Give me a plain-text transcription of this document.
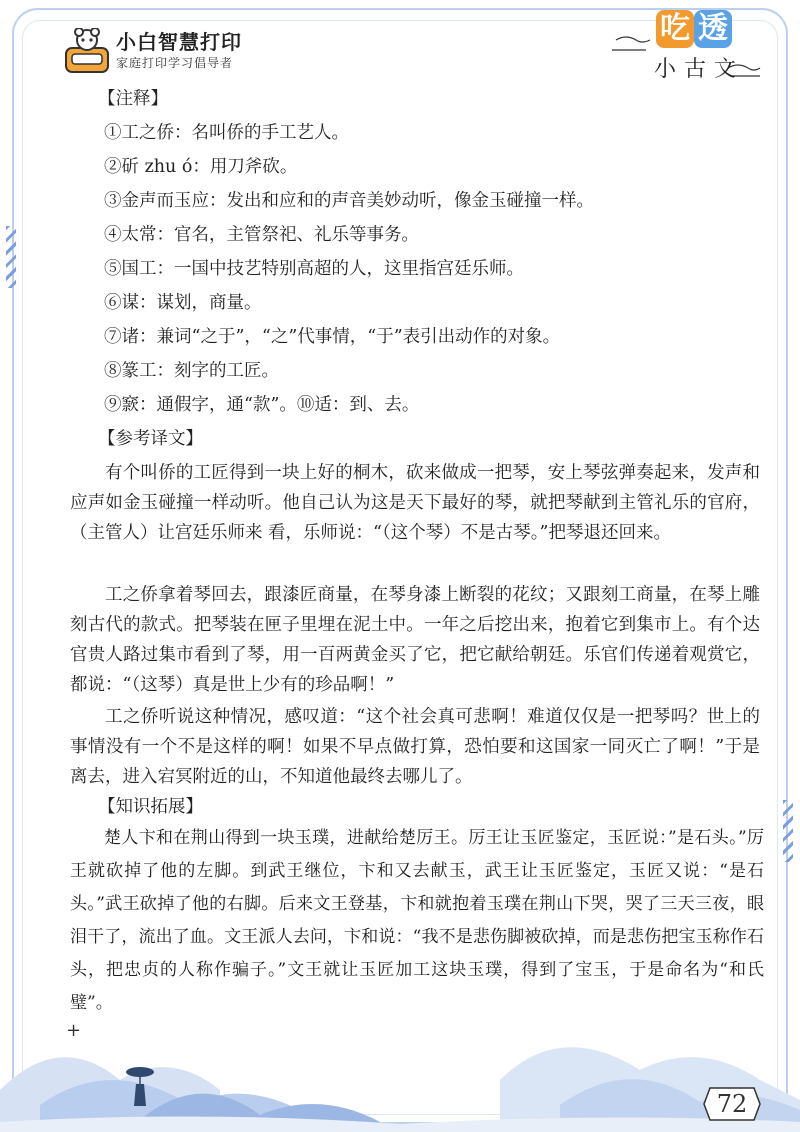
小白智慧打印
家庭打印学习倡导者
吃 透
小 古 文
【注释】
①工之侨：名叫侨的手工艺人。
②斫 zhu ó：用刀斧砍。
③金声而玉应：发出和应和的声音美妙动听，像金玉碰撞一样。
④太常：官名，主管祭祀、礼乐等事务。
⑤国工：一国中技艺特别高超的人，这里指宫廷乐师。
⑥谋：谋划，商量。
⑦诸：兼词“之于”，“之”代事情，“于”表引出动作的对象。
⑧篆工：刻字的工匠。
⑨窾：通假字，通“款”。⑩适：到、去。
【参考译文】
有个叫侨的工匠得到一块上好的桐木，砍来做成一把琴，安上琴弦弹奏起来，发声和应声如金玉碰撞一样动听。他自己认为这是天下最好的琴，就把琴献到主管礼乐的官府，（主管人）让宫廷乐师来 看，乐师说：“（这个琴）不是古琴。”把琴退还回来。
工之侨拿着琴回去，跟漆匠商量，在琴身漆上断裂的花纹；又跟刻工商量，在琴上雕刻古代的款式。把琴装在匣子里埋在泥土中。一年之后挖出来，抱着它到集市上。有个达官贵人路过集市看到了琴，用一百两黄金买了它，把它献给朝廷。乐官们传递着观赏它，都说：“（这琴）真是世上少有的珍品啊！”
工之侨听说这种情况，感叹道：“这个社会真可悲啊！难道仅仅是一把琴吗？世上的事情没有一个不是这样的啊！如果不早点做打算，恐怕要和这国家一同灭亡了啊！”于是离去，进入宕冥附近的山，不知道他最终去哪儿了。
【知识拓展】
楚人卞和在荆山得到一块玉璞，进献给楚厉王。厉王让玉匠鉴定，玉匠说：”是石头。”厉王就砍掉了他的左脚。到武王继位，卞和又去献玉，武王让玉匠鉴定，玉匠又说：“是石头。”武王砍掉了他的右脚。后来文王登基，卞和就抱着玉璞在荆山下哭，哭了三天三夜，眼泪干了，流出了血。文王派人去问，卞和说：“我不是悲伤脚被砍掉，而是悲伤把宝玉称作石头，把忠贞的人称作骗子。”文王就让玉匠加工这块玉璞，得到了宝玉，于是命名为“和氏璧”。
+
72
